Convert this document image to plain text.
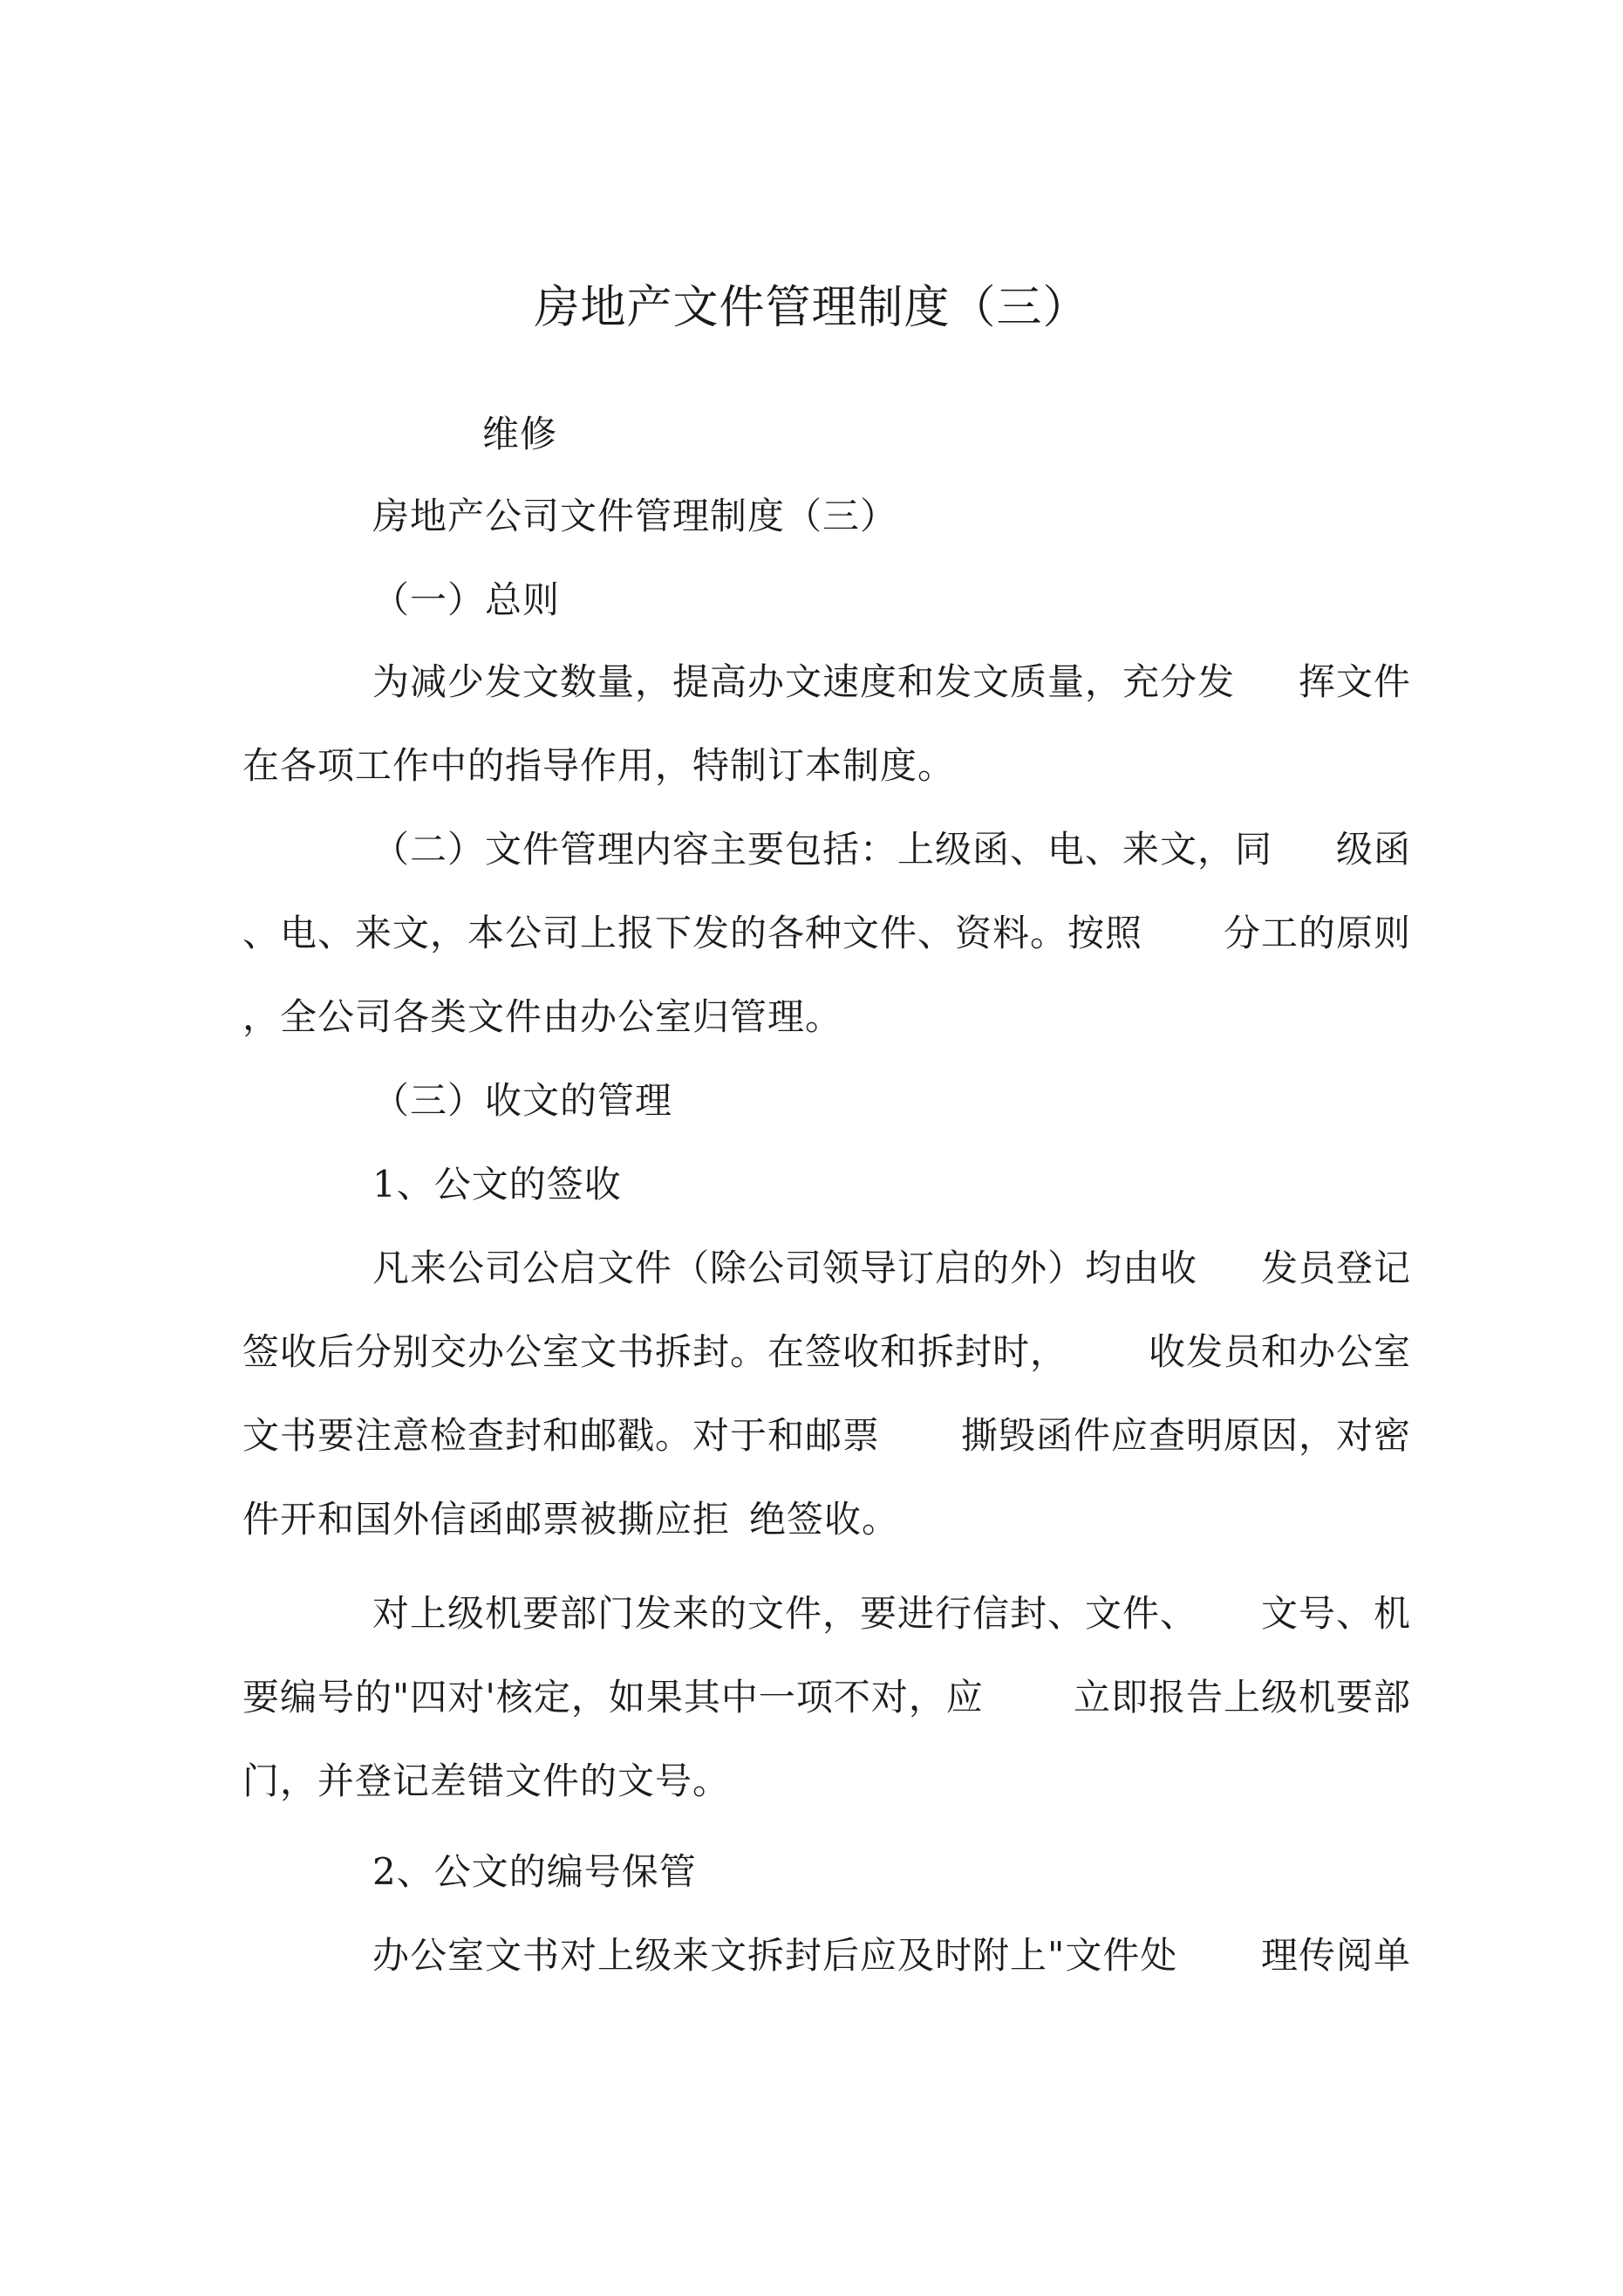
房地产文件管理制度（三）
维修
房地产公司文件管理制度（三）
（一）总则
为减少发文数量，提高办文速度和发文质量，充分发 挥文件
在各项工作中的指导作用，特制订本制度。
（二）文件管理内容主要包括：上级函、电、来文，同 级函
、电、来文，本公司上报下发的各种文件、资料。按照 分工的原则
，全公司各类文件由办公室归管理。
（三）收文的管理
1、公文的签收
凡来公司公启文件（除公司领导订启的外）均由收 发员登记
签收后分别交办公室文书拆封。在签收和拆封时， 收发员和办公室
文书要注意检查封和邮戳。对于和邮票 撕毁函件应查明原因，对密
件开和国外信函邮票被撕应拒 绝签收。
对上级机要部门发来的文件，要进行信封、文件、 文号、机
要编号的"四对'核定，如果其中一项不对，应 立即报告上级机要部
门，并登记差错文件的文号。
2、公文的编号保管
办公室文书对上级来文拆封后应及时附上"文件处 理传阅单
